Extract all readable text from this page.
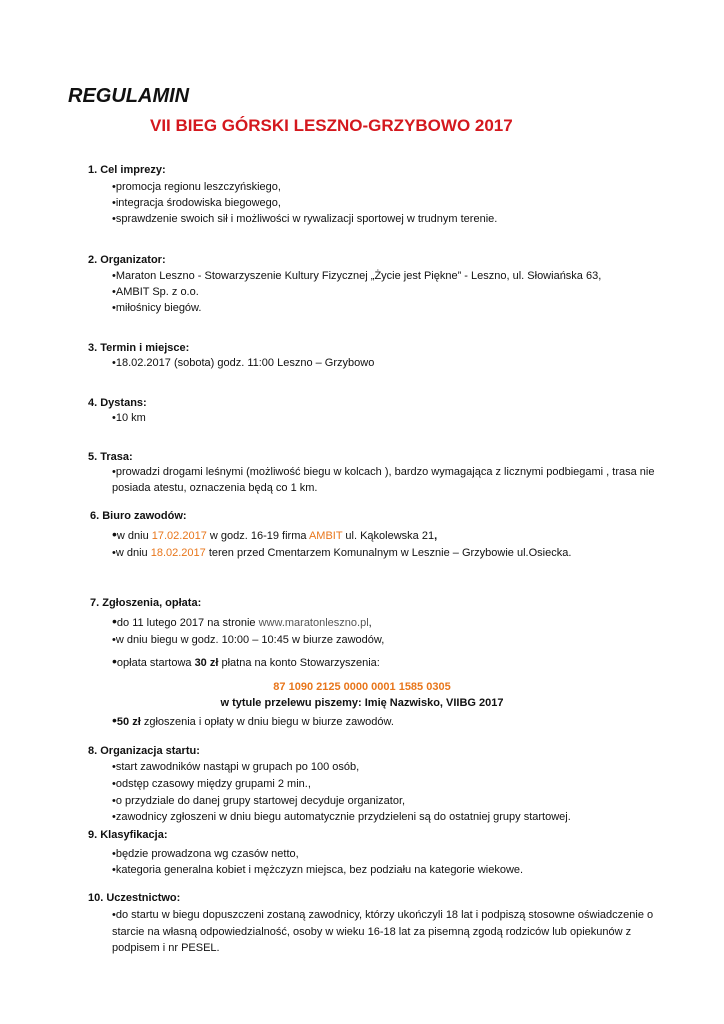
REGULAMIN
VII BIEG GÓRSKI LESZNO-GRZYBOWO 2017
1. Cel imprezy:
•promocja regionu leszczyńskiego,
•integracja środowiska biegowego,
•sprawdzenie swoich sił i możliwości w rywalizacji sportowej w trudnym terenie.
2. Organizator:
•Maraton Leszno - Stowarzyszenie Kultury Fizycznej „Życie jest Piękne” - Leszno, ul. Słowiańska 63,
•AMBIT Sp. z o.o.
•miłośnicy biegów.
3. Termin i miejsce:
•18.02.2017 (sobota) godz. 11:00 Leszno – Grzybowo
4. Dystans:
•10 km
5. Trasa:
•prowadzi drogami leśnymi (możliwość biegu w kolcach ), bardzo wymagająca z licznymi podbiegami , trasa nie
posiada atestu, oznaczenia będą co 1 km.
6. Biuro zawodów:
•w dniu 17.02.2017 w godz. 16-19 firma AMBIT ul. Kąkolewska 21,
•w dniu 18.02.2017 teren przed Cmentarzem Komunalnym w Lesznie – Grzybowie ul.Osiecka.
7. Zgłoszenia, opłata:
•do 11 lutego 2017 na stronie www.maratonleszno.pl,
•w dniu biegu w godz. 10:00 – 10:45 w biurze zawodów,
•opłata startowa 30 zł płatna na konto Stowarzyszenia:
87 1090 2125 0000 0001 1585 0305
w tytule przelewu piszemy: Imię Nazwisko, VIIBG 2017
•50 zł zgłoszenia i opłaty w dniu biegu w biurze zawodów.
8. Organizacja startu:
•start zawodników nastąpi w grupach po 100 osób,
•odstęp czasowy między grupami 2 min.,
•o przydziale do danej grupy startowej decyduje organizator,
•zawodnicy zgłoszeni w dniu biegu automatycznie przydzieleni są do ostatniej grupy startowej.
9. Klasyfikacja:
•będzie prowadzona wg czasów netto,
•kategoria generalna kobiet i mężczyzn miejsca, bez podziału na kategorie wiekowe.
10. Uczestnictwo:
•do startu w biegu dopuszczeni zostaną zawodnicy, którzy ukończyli 18 lat i podpiszą stosowne oświadczenie o
starcie na własną odpowiedzialność, osoby w wieku 16-18 lat za pisemną zgodą rodziców lub opiekunów z
podpisem i nr PESEL.
